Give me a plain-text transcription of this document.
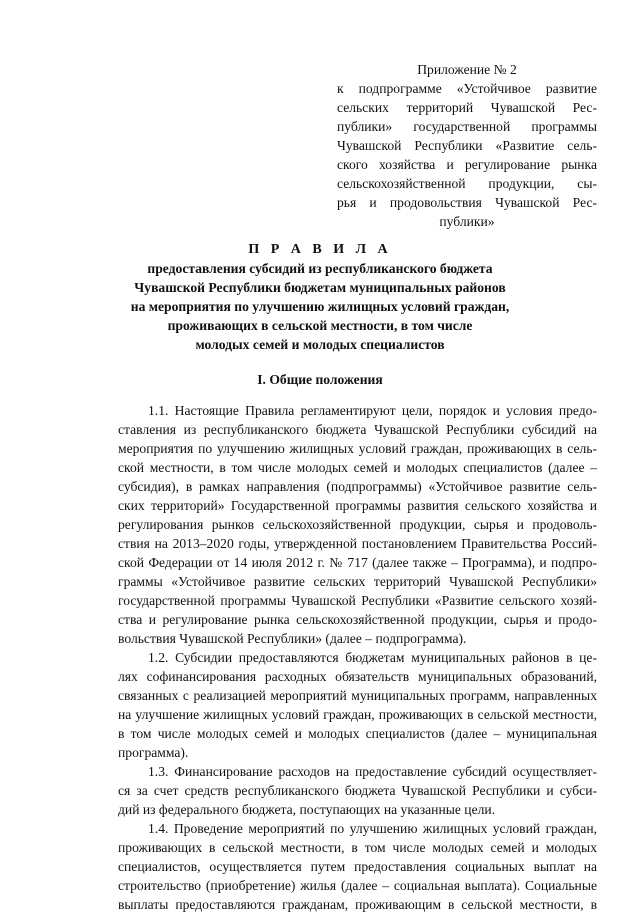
Приложение № 2
к подпрограмме «Устойчивое развитие
сельских территорий Чувашской Рес-
публики» государственной программы
Чувашской Республики «Развитие сель-
ского хозяйства и регулирование рынка
сельскохозяйственной продукции, сы-
рья и продовольствия Чувашской Рес-
публики»
П Р А В И Л А
предоставления субсидий из республиканского бюджета
Чувашской Республики бюджетам муниципальных районов
на мероприятия по улучшению жилищных условий граждан,
проживающих в сельской местности, в том числе
молодых семей и молодых специалистов
I. Общие положения
1.1. Настоящие Правила регламентируют цели, порядок и условия предо-
ставления из республиканского бюджета Чувашской Республики субсидий на
мероприятия по улучшению жилищных условий граждан, проживающих в сель-
ской местности, в том числе молодых семей и молодых специалистов (далее –
субсидия), в рамках направления (подпрограммы) «Устойчивое развитие сель-
ских территорий» Государственной программы развития сельского хозяйства и
регулирования рынков сельскохозяйственной продукции, сырья и продоволь-
ствия на 2013–2020 годы, утвержденной постановлением Правительства Россий-
ской Федерации от 14 июля 2012 г. № 717 (далее также – Программа), и подпро-
граммы «Устойчивое развитие сельских территорий Чувашской Республики»
государственной программы Чувашской Республики «Развитие сельского хозяй-
ства и регулирование рынка сельскохозяйственной продукции, сырья и продо-
вольствия Чувашской Республики» (далее – подпрограмма).
1.2. Субсидии предоставляются бюджетам муниципальных районов в це-
лях софинансирования расходных обязательств муниципальных образований,
связанных с реализацией мероприятий муниципальных программ, направленных
на улучшение жилищных условий граждан, проживающих в сельской местности,
в том числе молодых семей и молодых специалистов (далее – муниципальная
программа).
1.3. Финансирование расходов на предоставление субсидий осуществляет-
ся за счет средств республиканского бюджета Чувашской Республики и субси-
дий из федерального бюджета, поступающих на указанные цели.
1.4. Проведение мероприятий по улучшению жилищных условий граждан,
проживающих в сельской местности, в том числе молодых семей и молодых
специалистов, осуществляется путем предоставления социальных выплат на
строительство (приобретение) жилья (далее – социальная выплата). Социальные
выплаты предоставляются гражданам, проживающим в сельской местности, в
